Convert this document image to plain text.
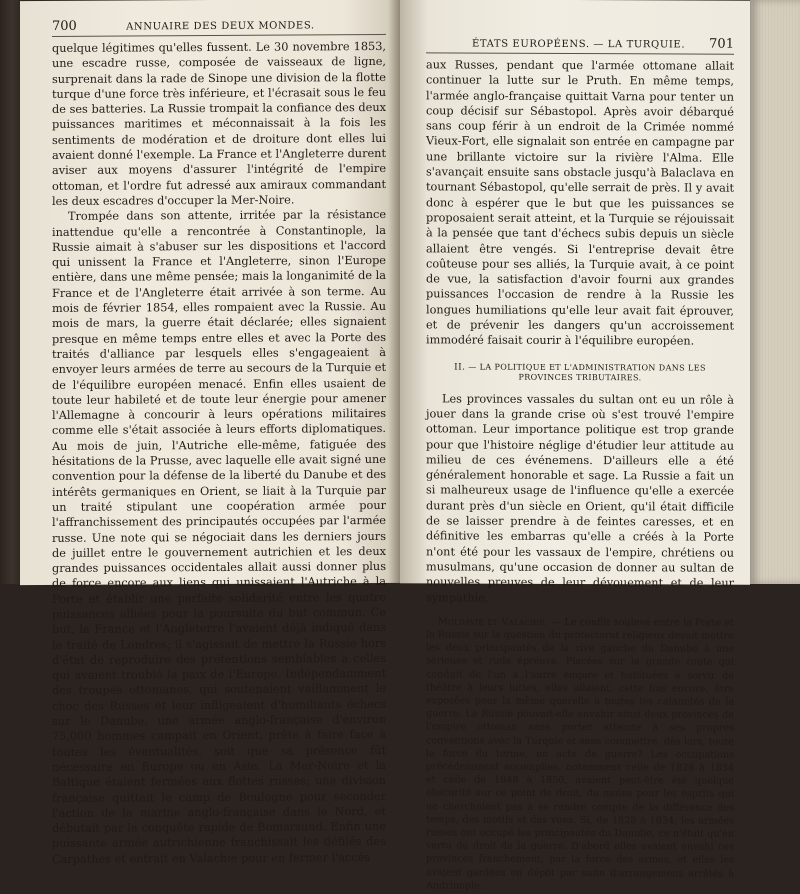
700	ANNUAIRE DES DEUX MONDES.

quelque légitimes qu'elles fussent. Le 30 novembre 1853, une escadre russe, composée de vaisseaux de ligne, surprenait dans la rade de Sinope une division de la flotte turque d'une force très inférieure, et l'écrasait sous le feu de ses batteries. La Russie trompait la confiance des deux puissances maritimes et méconnaissait à la fois les sentiments de modération et de droiture dont elles lui avaient donné l'exemple. La France et l'Angleterre durent aviser aux moyens d'assurer l'intégrité de l'empire ottoman, et l'ordre fut adressé aux amiraux commandant les deux escadres d'occuper la Mer-Noire.

Trompée dans son attente, irritée par la résistance inattendue qu'elle a rencontrée à Constantinople, la Russie aimait à s'abuser sur les dispositions et l'accord qui unissent la France et l'Angleterre, sinon l'Europe entière, dans une même pensée; mais la longanimité de la France et de l'Angleterre était arrivée à son terme. Au mois de février 1854, elles rompaient avec la Russie. Au mois de mars, la guerre était déclarée; elles signaient presque en même temps entre elles et avec la Porte des traités d'alliance par lesquels elles s'engageaient à envoyer leurs armées de terre au secours de la Turquie et de l'équilibre européen menacé. Enfin elles usaient de toute leur habileté et de toute leur énergie pour amener l'Allemagne à concourir à leurs opérations militaires comme elle s'était associée à leurs efforts diplomatiques. Au mois de juin, l'Autriche elle-même, fatiguée des hésitations de la Prusse, avec laquelle elle avait signé une convention pour la défense de la liberté du Danube et des intérêts germaniques en Orient, se liait à la Turquie par un traité stipulant une coopération armée pour l'affranchissement des principautés occupées par l'armée russe. Une note qui se négociait dans les derniers jours de juillet entre le gouvernement autrichien et les deux grandes puissances occidentales allait aussi donner plus de force encore aux liens qui unissaient l'Autriche à la Porte et établir une parfaite solidarité entre les quatre puissances alliées pour la poursuite du but commun. Ce but, la France et l'Angleterre l'avaient déjà indiqué dans le traité de Londres; il s'agissait de mettre la Russie hors d'état de reproduire des prétentions semblables à celles qui avaient troublé la paix de l'Europe. Indépendamment des troupes ottomanes, qui soutenaient vaillamment le choc des Russes et leur infligeaient d'humiliants échecs sur le Danube, une armée anglo-française d'environ 75,000 hommes campait en Orient, prête à faire face à toutes les éventualités, soit que sa présence fût nécessaire en Europe ou en Asie. La Mer-Noire et la Baltique étaient fermées aux flottes russes; une division française quittait le camp de Boulogne pour seconder l'action de la marine anglo-française dans le Nord, et débutait par la conquête rapide de Bomarsund. Enfin une puissante armée autrichienne franchissait les défilés des Carpathes et entrait en Valachie pour en fermer l'accès

ÉTATS EUROPÉENS. — LA TURQUIE. 701

aux Russes, pendant que l'armée ottomane allait continuer la lutte sur le Pruth. En même temps, l'armée anglo-française quittait Varna pour tenter un coup décisif sur Sébastopol. Après avoir débarqué sans coup férir à un endroit de la Crimée nommé Vieux-Fort, elle signalait son entrée en campagne par une brillante victoire sur la rivière l'Alma. Elle s'avançait ensuite sans obstacle jusqu'à Balaclava en tournant Sébastopol, qu'elle serrait de près. Il y avait donc à espérer que le but que les puissances se proposaient serait atteint, et la Turquie se réjouissait à la pensée que tant d'échecs subis depuis un siècle allaient être vengés. Si l'entreprise devait être coûteuse pour ses alliés, la Turquie avait, à ce point de vue, la satisfaction d'avoir fourni aux grandes puissances l'occasion de rendre à la Russie les longues humiliations qu'elle leur avait fait éprouver, et de prévenir les dangers qu'un accroissement immodéré faisait courir à l'équilibre européen.

II. — LA POLITIQUE ET L'ADMINISTRATION DANS LES PROVINCES TRIBUTAIRES.

Les provinces vassales du sultan ont eu un rôle à jouer dans la grande crise où s'est trouvé l'empire ottoman. Leur importance politique est trop grande pour que l'histoire néglige d'étudier leur attitude au milieu de ces événemens. D'ailleurs elle a été généralement honorable et sage. La Russie a fait un si malheureux usage de l'influence qu'elle a exercée durant près d'un siècle en Orient, qu'il était difficile de se laisser prendre à de feintes caresses, et en définitive les embarras qu'elle a créés à la Porte n'ont été pour les vassaux de l'empire, chrétiens ou musulmans, qu'une occasion de donner au sultan de nouvelles preuves de leur dévouement et de leur sympathie.

Moldavie et Valachie. — Le conflit soulevé entre la Porte et la Russie sur la question du protectorat religieux devait mettre les deux principautés de la rive gauche du Danube à une sérieuse et rude épreuve. Placées sur la grande route qui conduit de l'un à l'autre empire et habituées à servir de théâtre à leurs luttes, elles allaient, cette fois encore, être exposées pour la même querelle à toutes les calamités de la guerre. La Russie pouvait-elle envahir ainsi deux provinces de l'empire ottoman sans porter atteinte à ses propres conventions avec la Turquie et sans commettre, dès lors, toute la force du terme, un acte de guerre? Les occupations précédemment accomplies, notamment celle de 1828 à 1834 et celle de 1848 à 1850, avaient peut-être été quelque obscurité sur ce point de droit, du moins pour les esprits qui ne cherchaient pas à se rendre compte de la différence des temps, des motifs et des vues. Si, de 1828 à 1834, les armées russes ont occupé les principautés du Danube, ce n'était qu'en vertu du droit de la guerre. D'abord elles avaient envahi ces provinces franchement, par la force des armes, et elles les avaient gardées en dépôt par suite d'arrangemens arrêtés à Andrinople.
